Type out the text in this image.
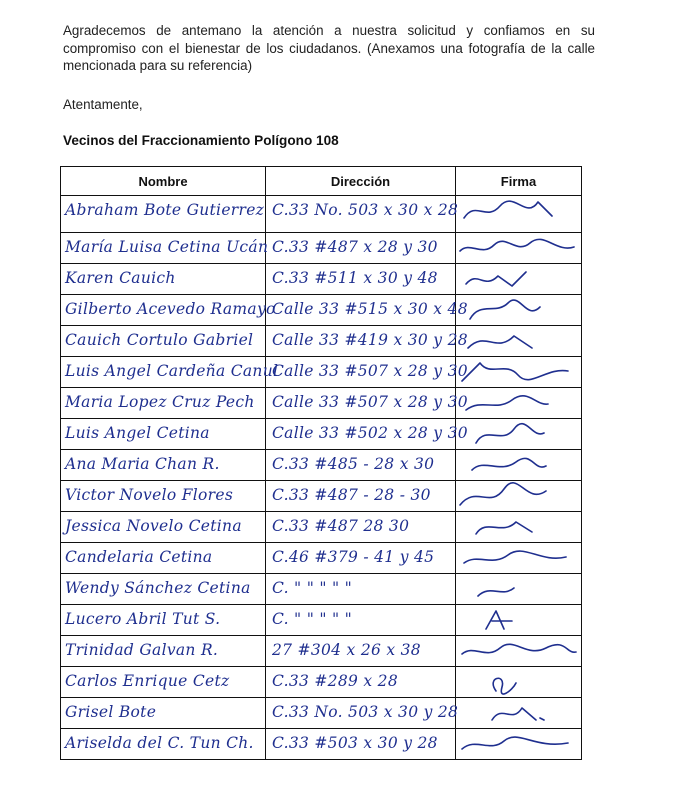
Agradecemos de antemano la atención a nuestra solicitud y confiamos en su compromiso con el bienestar de los ciudadanos. (Anexamos una fotografía de la calle mencionada para su referencia)
Atentamente,
Vecinos del Fraccionamiento Polígono 108
Nombre	Dirección	Firma

Abraham Bote Gutierrez	C.33 No. 503 x 30 x 28

María Luisa Cetina Ucán	C.33 #487 x 28 y 30

Karen Cauich	C.33 #511 x 30 y 48

Gilberto Acevedo Ramayo	Calle 33 #515 x 30 x 48

Cauich Cortulo Gabriel	Calle 33 #419 x 30 y 28

Luis Angel Cardeña Canul	Calle 33 #507 x 28 y 30

Maria Lopez Cruz Pech	Calle 33 #507 x 28 y 30

Luis Angel Cetina	Calle 33 #502 x 28 y 30

Ana Maria Chan R.	C.33 #485 - 28 x 30

Victor Novelo Flores	C.33 #487 - 28 - 30

Jessica Novelo Cetina	C.33 #487 28 30

Candelaria Cetina	C.46 #379 - 41 y 45

Wendy Sánchez Cetina	C. " " " " "

Lucero Abril Tut S.	C. " " " " "

Trinidad Galvan R.	27 #304 x 26 x 38

Carlos Enrique Cetz	C.33 #289 x 28

Grisel Bote	C.33 No. 503 x 30 y 28

Ariselda del C. Tun Ch.	C.33 #503 x 30 y 28
